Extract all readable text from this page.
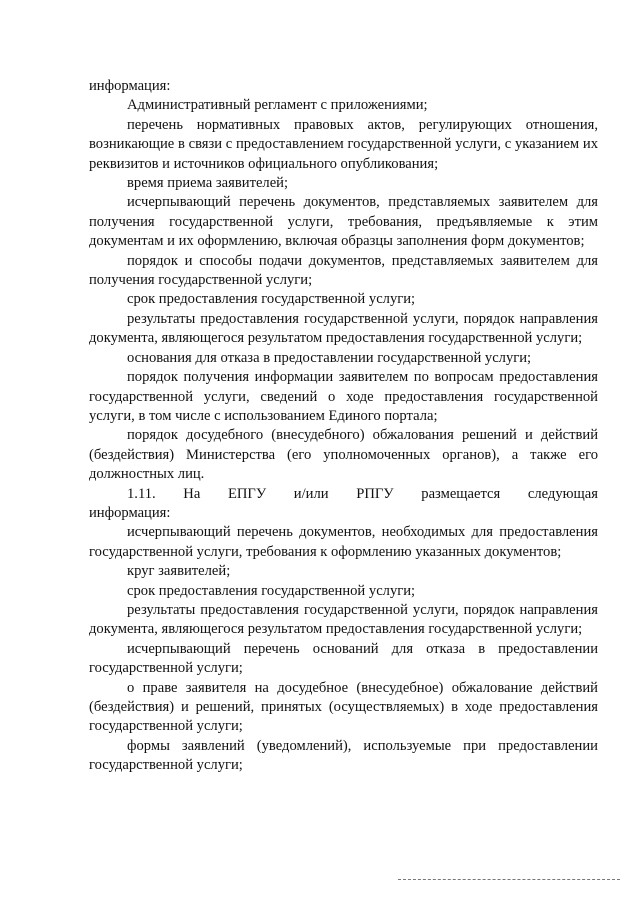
информация:

Административный регламент с приложениями;

перечень нормативных правовых актов, регулирующих отношения, возникающие в связи с предоставлением государственной услуги, с указанием их реквизитов и источников официального опубликования;

время приема заявителей;

исчерпывающий перечень документов, представляемых заявителем для получения государственной услуги, требования, предъявляемые к этим документам и их оформлению, включая образцы заполнения форм документов;

порядок и способы подачи документов, представляемых заявителем для получения государственной услуги;

срок предоставления государственной услуги;

результаты предоставления государственной услуги, порядок направления документа, являющегося результатом предоставления государственной услуги;

основания для отказа в предоставлении государственной услуги;

порядок получения информации заявителем по вопросам предоставления государственной услуги, сведений о ходе предоставления государственной услуги, в том числе с использованием Единого портала;

порядок досудебного (внесудебного) обжалования решений и действий (бездействия) Министерства (его уполномоченных органов), а также его должностных лиц.

1.11. На ЕПГУ и/или РПГУ размещается следующая

информация:

исчерпывающий перечень документов, необходимых для предоставления государственной услуги, требования к оформлению указанных документов;

круг заявителей;

срок предоставления государственной услуги;

результаты предоставления государственной услуги, порядок направления документа, являющегося результатом предоставления государственной услуги;

исчерпывающий перечень оснований для отказа в предоставлении государственной услуги;

о праве заявителя на досудебное (внесудебное) обжалование действий (бездействия) и решений, принятых (осуществляемых) в ходе предоставления государственной услуги;

формы заявлений (уведомлений), используемые при предоставлении государственной услуги;
